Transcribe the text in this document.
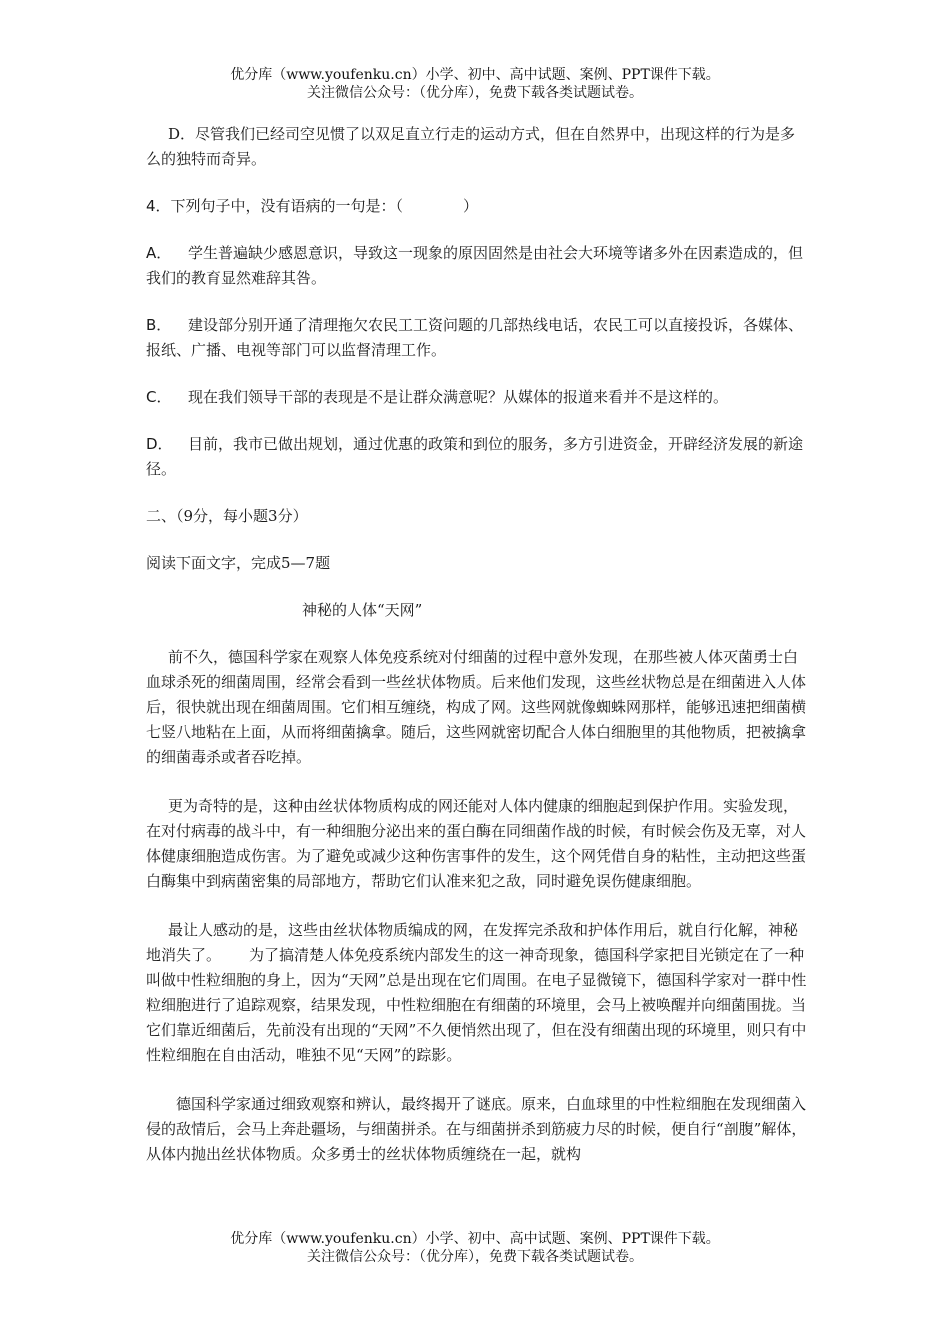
优分库（www.youfenku.cn）小学、初中、高中试题、案例、PPT课件下载。
关注微信公众号：（优分库），免费下载各类试题试卷。

D．尽管我们已经司空见惯了以双足直立行走的运动方式，但在自然界中，出现这样的行为是多么的独特而奇异。

4．下列句子中，没有语病的一句是：（　　　　）

A． 学生普遍缺少感恩意识，导致这一现象的原因固然是由社会大环境等诸多外在因素造成的，但我们的教育显然难辞其咎。

B． 建设部分别开通了清理拖欠农民工工资问题的几部热线电话，农民工可以直接投诉，各媒体、报纸、广播、电视等部门可以监督清理工作。

C． 现在我们领导干部的表现是不是让群众满意呢？从媒体的报道来看并不是这样的。

D． 目前，我市已做出规划，通过优惠的政策和到位的服务，多方引进资金，开辟经济发展的新途径。

二、（9分，每小题3分）

阅读下面文字，完成5—7题

神秘的人体“天网”

前不久，德国科学家在观察人体免疫系统对付细菌的过程中意外发现，在那些被人体灭菌勇士白血球杀死的细菌周围，经常会看到一些丝状体物质。后来他们发现，这些丝状物总是在细菌进入人体后，很快就出现在细菌周围。它们相互缠绕，构成了网。这些网就像蜘蛛网那样，能够迅速把细菌横七竖八地粘在上面，从而将细菌擒拿。随后，这些网就密切配合人体白细胞里的其他物质，把被擒拿的细菌毒杀或者吞吃掉。

更为奇特的是，这种由丝状体物质构成的网还能对人体内健康的细胞起到保护作用。实验发现，在对付病毒的战斗中，有一种细胞分泌出来的蛋白酶在同细菌作战的时候，有时候会伤及无辜，对人体健康细胞造成伤害。为了避免或减少这种伤害事件的发生，这个网凭借自身的粘性，主动把这些蛋白酶集中到病菌密集的局部地方，帮助它们认准来犯之敌，同时避免误伤健康细胞。

最让人感动的是，这些由丝状体物质编成的网，在发挥完杀敌和护体作用后，就自行化解，神秘地消失了。 为了搞清楚人体免疫系统内部发生的这一神奇现象，德国科学家把目光锁定在了一种叫做中性粒细胞的身上，因为“天网”总是出现在它们周围。在电子显微镜下，德国科学家对一群中性粒细胞进行了追踪观察，结果发现，中性粒细胞在有细菌的环境里，会马上被唤醒并向细菌围拢。当它们靠近细菌后，先前没有出现的“天网”不久便悄然出现了，但在没有细菌出现的环境里，则只有中性粒细胞在自由活动，唯独不见“天网”的踪影。

德国科学家通过细致观察和辨认，最终揭开了谜底。原来，白血球里的中性粒细胞在发现细菌入侵的敌情后，会马上奔赴疆场，与细菌拼杀。在与细菌拼杀到筋疲力尽的时候，便自行“剖腹”解体，从体内抛出丝状体物质。众多勇士的丝状体物质缠绕在一起，就构

优分库（www.youfenku.cn）小学、初中、高中试题、案例、PPT课件下载。
关注微信公众号：（优分库），免费下载各类试题试卷。
